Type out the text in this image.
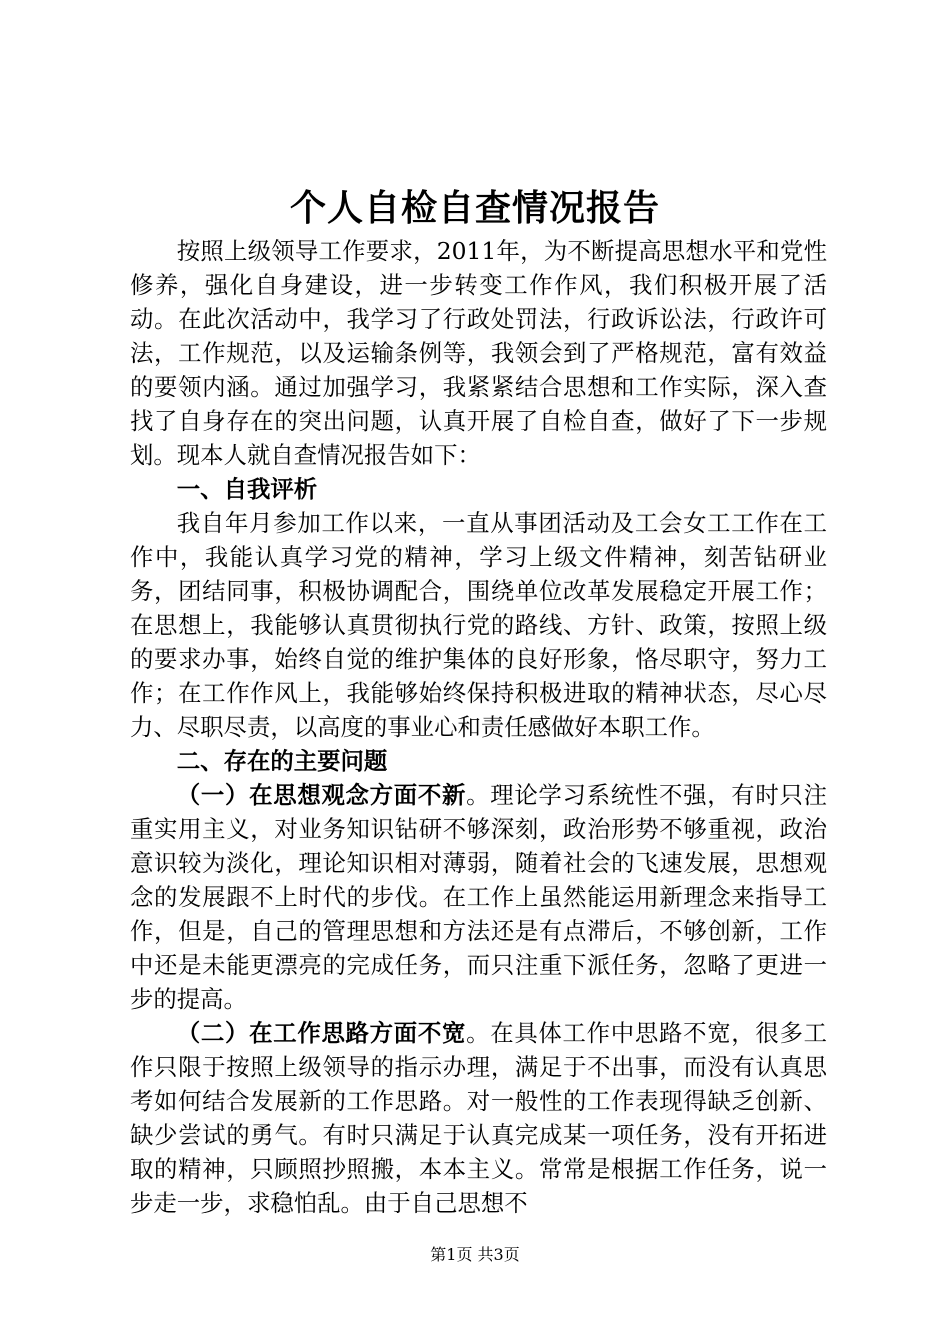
个人自检自查情况报告

按照上级领导工作要求，2011年，为不断提高思想水平和党性修养，强化自身建设，进一步转变工作作风，我们积极开展了活动。在此次活动中，我学习了行政处罚法，行政诉讼法，行政许可法，工作规范，以及运输条例等，我领会到了严格规范，富有效益的要领内涵。通过加强学习，我紧紧结合思想和工作实际，深入查找了自身存在的突出问题，认真开展了自检自查，做好了下一步规划。现本人就自查情况报告如下：

一、自我评析

我自年月参加工作以来，一直从事团活动及工会女工工作在工作中，我能认真学习党的精神，学习上级文件精神，刻苦钻研业务，团结同事，积极协调配合，围绕单位改革发展稳定开展工作；在思想上，我能够认真贯彻执行党的路线、方针、政策，按照上级的要求办事，始终自觉的维护集体的良好形象，恪尽职守，努力工作；在工作作风上，我能够始终保持积极进取的精神状态，尽心尽力、尽职尽责，以高度的事业心和责任感做好本职工作。

二、存在的主要问题

（一）在思想观念方面不新。理论学习系统性不强，有时只注重实用主义，对业务知识钻研不够深刻，政治形势不够重视，政治意识较为淡化，理论知识相对薄弱，随着社会的飞速发展，思想观念的发展跟不上时代的步伐。在工作上虽然能运用新理念来指导工作，但是，自己的管理思想和方法还是有点滞后，不够创新，工作中还是未能更漂亮的完成任务，而只注重下派任务，忽略了更进一步的提高。

（二）在工作思路方面不宽。在具体工作中思路不宽，很多工作只限于按照上级领导的指示办理，满足于不出事，而没有认真思考如何结合发展新的工作思路。对一般性的工作表现得缺乏创新、缺少尝试的勇气。有时只满足于认真完成某一项任务，没有开拓进取的精神，只顾照抄照搬，本本主义。常常是根据工作任务，说一步走一步，求稳怕乱。由于自己思想不

第1页 共3页
